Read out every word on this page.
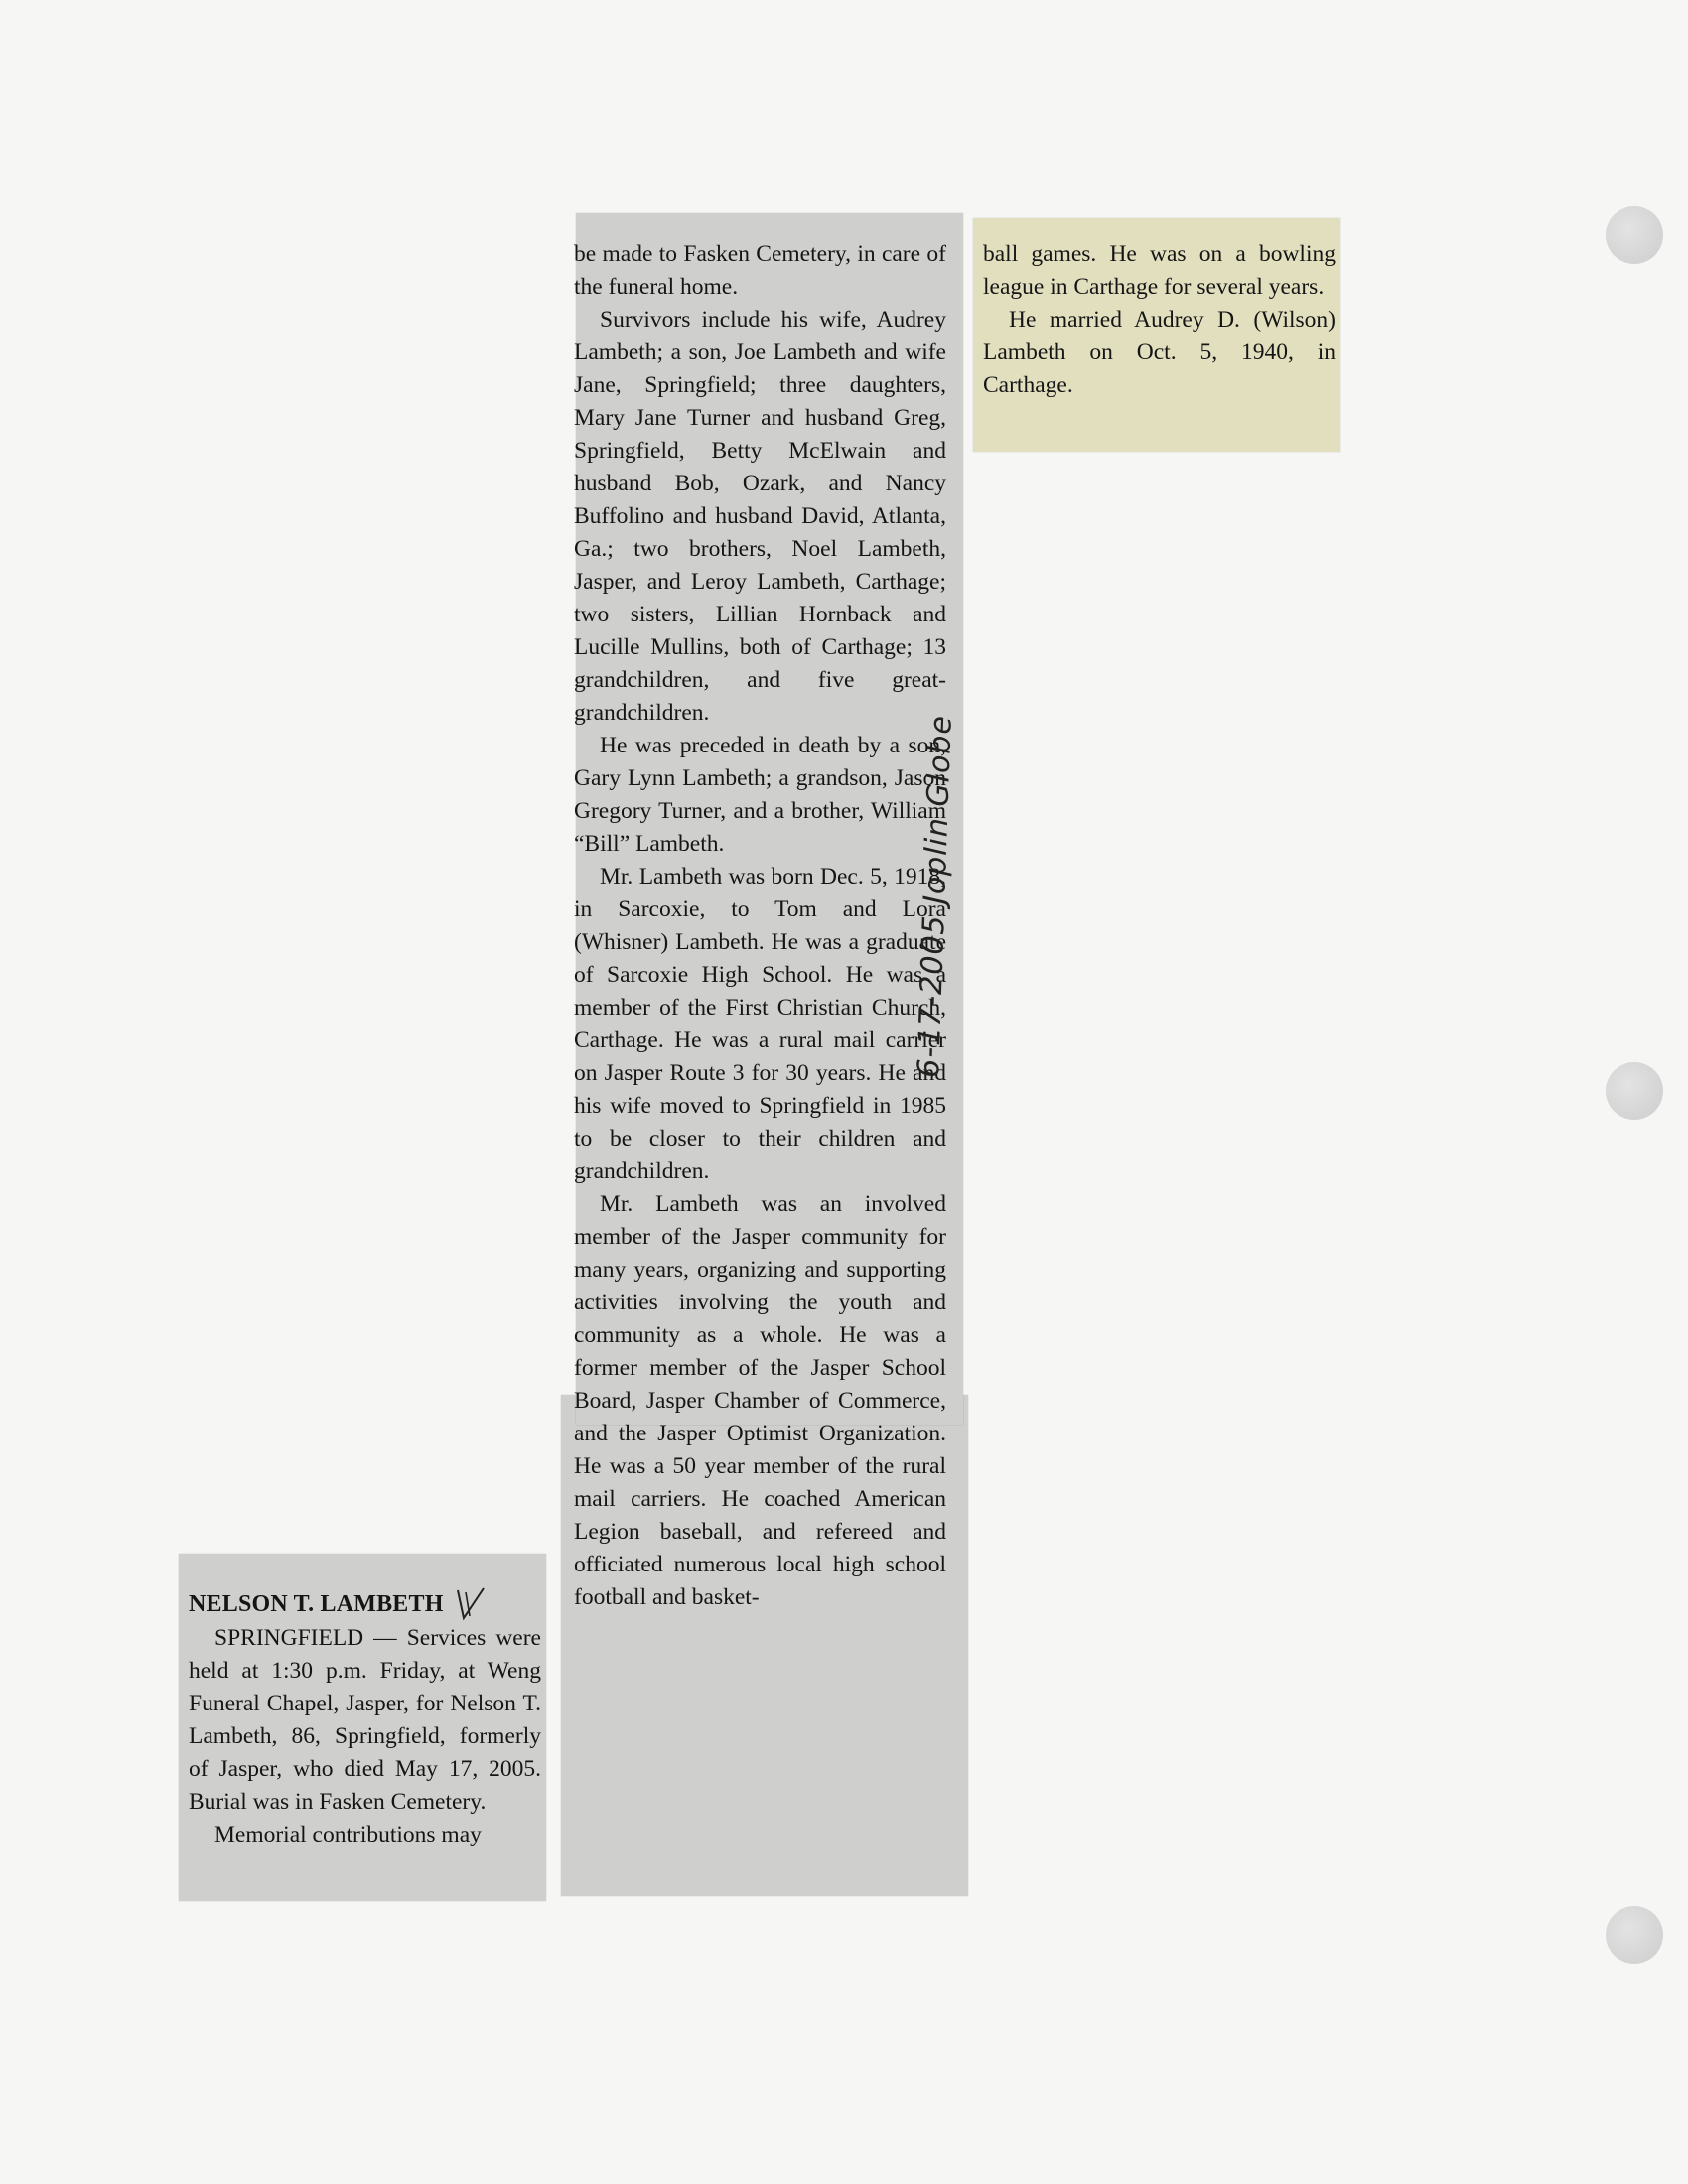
NELSON T. LAMBETH

SPRINGFIELD — Services were held at 1:30 p.m. Friday, at Weng Funeral Chapel, Jasper, for Nelson T. Lambeth, 86, Springfield, formerly of Jasper, who died May 17, 2005. Burial was in Fasken Cemetery.

Memorial contributions may

be made to Fasken Cemetery, in care of the funeral home.

Survivors include his wife, Audrey Lambeth; a son, Joe Lambeth and wife Jane, Springfield; three daughters, Mary Jane Turner and husband Greg, Springfield, Betty McElwain and husband Bob, Ozark, and Nancy Buffolino and husband David, Atlanta, Ga.; two brothers, Noel Lambeth, Jasper, and Leroy Lambeth, Carthage; two sisters, Lillian Hornback and Lucille Mullins, both of Carthage; 13 grandchildren, and five great-grandchildren.

He was preceded in death by a son, Gary Lynn Lambeth; a grandson, Jason Gregory Turner, and a brother, William “Bill” Lambeth.

Mr. Lambeth was born Dec. 5, 1918, in Sarcoxie, to Tom and Lora (Whisner) Lambeth. He was a graduate of Sarcoxie High School. He was a member of the First Christian Church, Carthage. He was a rural mail carrier on Jasper Route 3 for 30 years. He and his wife moved to Springfield in 1985 to be closer to their children and grandchildren.

Mr. Lambeth was an involved member of the Jasper community for many years, organizing and supporting activities involving the youth and community as a whole. He was a former member of the Jasper School Board, Jasper Chamber of Commerce, and the Jasper Optimist Organization. He was a 50 year member of the rural mail carriers. He coached American Legion baseball, and refereed and officiated numerous local high school football and basket-

ball games. He was on a bowling league in Carthage for several years.

He married Audrey D. (Wilson) Lambeth on Oct. 5, 1940, in Carthage.

6-17-2005 Joplin Globe
